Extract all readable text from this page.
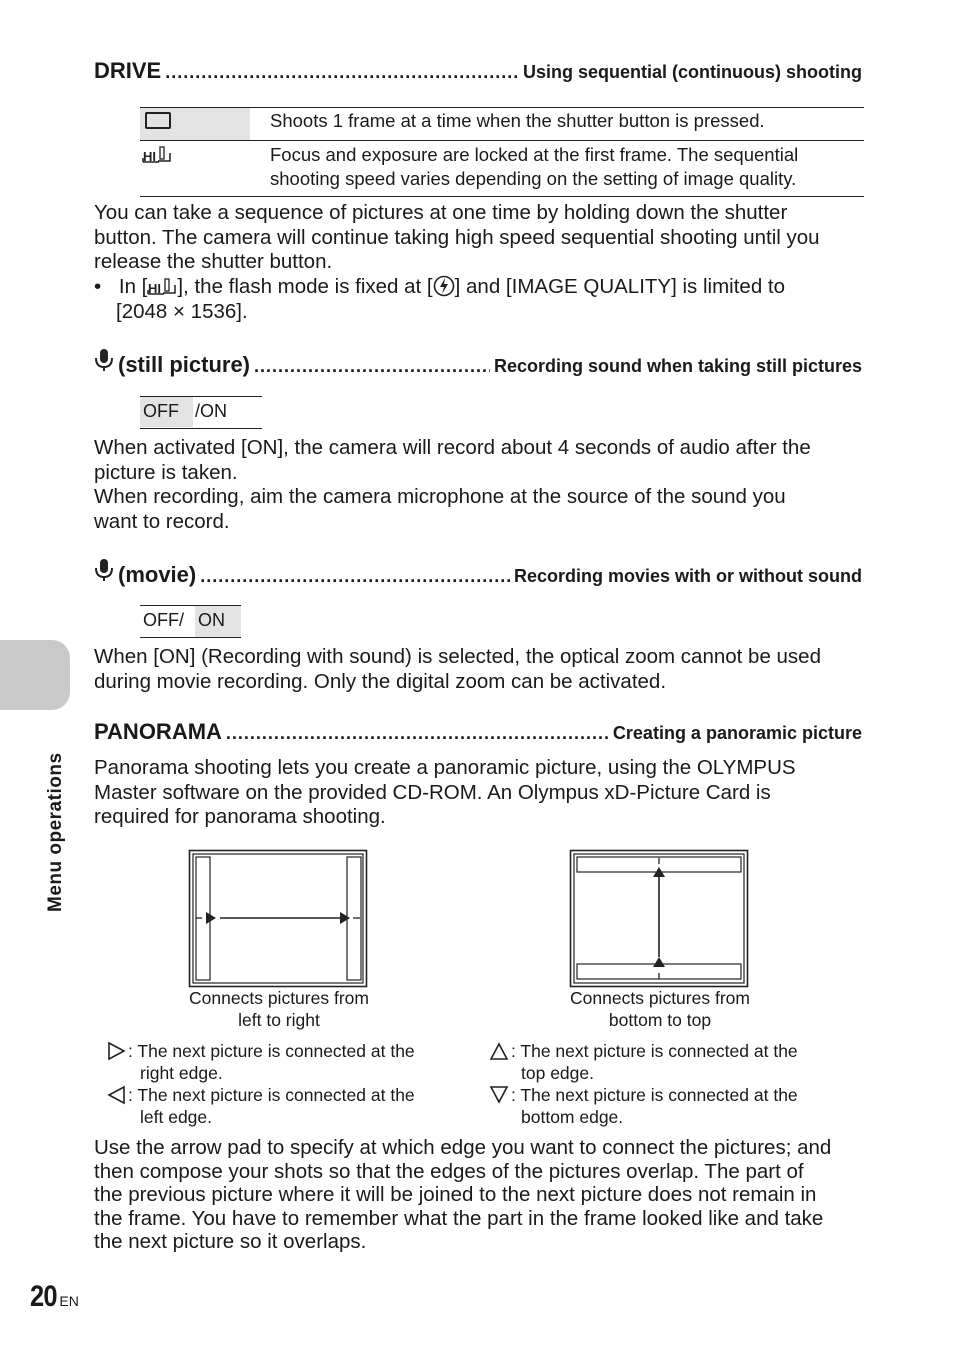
Menu operations
DRIVE .....	Using sequential (continuous) shooting
Shoots 1 frame at a time when the shutter button is pressed.
HI	Focus and exposure are locked at the first frame. The sequential
shooting speed varies depending on the setting of image quality.
You can take a sequence of pictures at one time by holding down the shutter
button. The camera will continue taking high speed sequential shooting until you
release the shutter button.
• In [ HI ], the flash mode is fixed at [ ] and [IMAGE QUALITY] is limited to
[2048 × 1536].
(still picture) .....	Recording sound when taking still pictures
OFF /ON
When activated [ON], the camera will record about 4 seconds of audio after the
picture is taken.
When recording, aim the camera microphone at the source of the sound you
want to record.
(movie) .....	Recording movies with or without sound
OFF/ ON
When [ON] (Recording with sound) is selected, the optical zoom cannot be used
during movie recording. Only the digital zoom can be activated.
PANORAMA .....	Creating a panoramic picture
Panorama shooting lets you create a panoramic picture, using the OLYMPUS
Master software on the provided CD-ROM. An Olympus xD-Picture Card is
required for panorama shooting.
Connects pictures from
left to right
Connects pictures from
bottom to top
: The next picture is connected at the
right edge.
: The next picture is connected at the
left edge.
: The next picture is connected at the
top edge.
: The next picture is connected at the
bottom edge.
Use the arrow pad to specify at which edge you want to connect the pictures; and
then compose your shots so that the edges of the pictures overlap. The part of
the previous picture where it will be joined to the next picture does not remain in
the frame. You have to remember what the part in the frame looked like and take
the next picture so it overlaps.
20 EN
